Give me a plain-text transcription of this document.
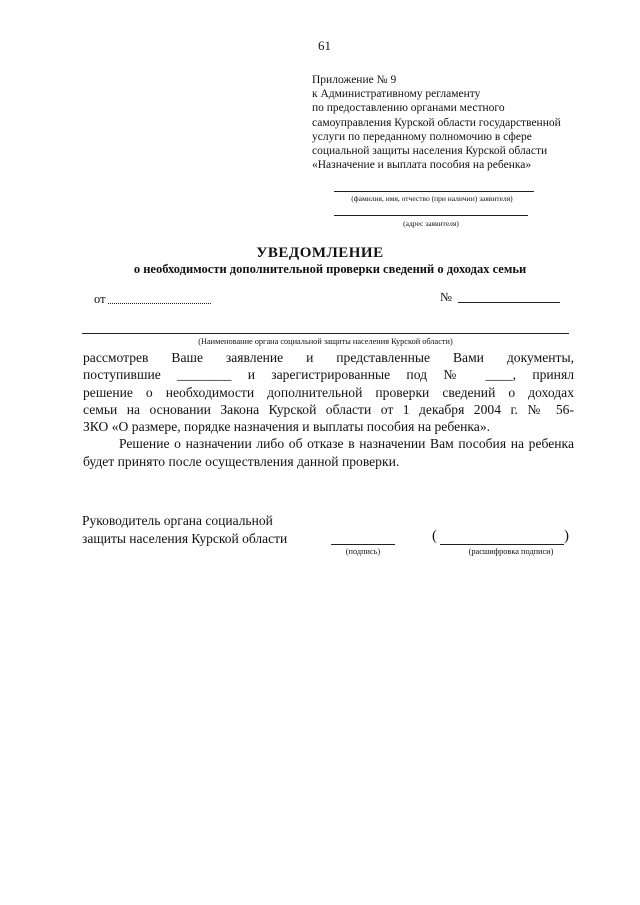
61
Приложение № 9
к Административному регламенту
по предоставлению органами местного
самоуправления Курской области государственной
услуги по переданному полномочию в сфере
социальной защиты населения Курской области
«Назначение и выплата пособия на ребенка»
(фамилия, имя, отчество (при наличии) заявителя)
(адрес заявителя)
УВЕДОМЛЕНИЕ
о необходимости дополнительной проверки сведений о доходах семьи
от	№
(Наименование органа социальной защиты населения Курской области)

рассмотрев Ваше заявление и представленные Вами документы,

поступившие ________ и зарегистрированные под № ____, принял

решение о необходимости дополнительной проверки сведений о доходах

семьи на основании Закона Курской области от 1 декабря 2004 г. № 56-

ЗКО «О размере, порядке назначения и выплаты пособия на ребенка».

Решение о назначении либо об отказе в назначении Вам пособия на ребенка будет принято после осуществления данной проверки.

Руководитель органа социальной
защиты населения Курской области
(подпись)
(	)
(расшифровка подписи)
